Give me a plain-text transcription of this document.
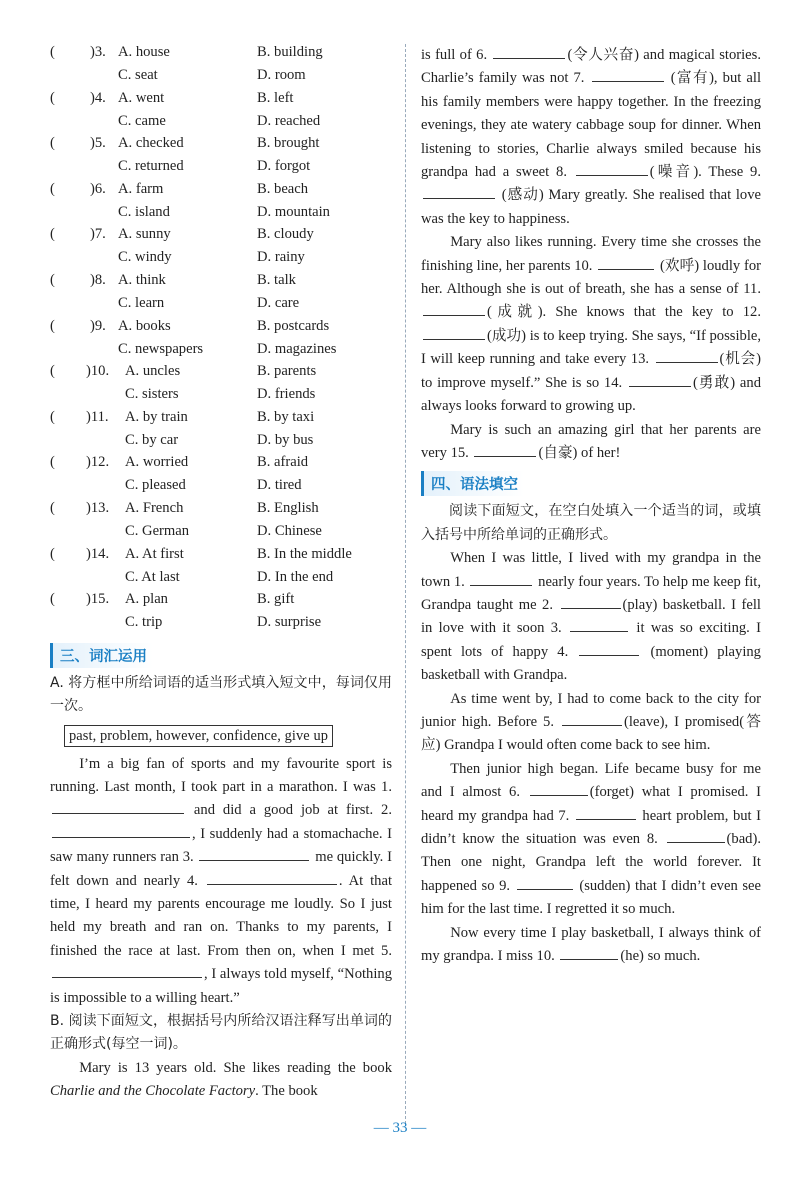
( )3. A. house	B. building
C. seat	D. room
( )4. A. went	B. left
C. came	D. reached
( )5. A. checked	B. brought
C. returned	D. forgot
( )6. A. farm	B. beach
C. island	D. mountain
( )7. A. sunny	B. cloudy
C. windy	D. rainy
( )8. A. think	B. talk
C. learn	D. care
( )9. A. books	B. postcards
C. newspapers	D. magazines
( )10. A. uncles	B. parents
C. sisters	D. friends
( )11. A. by train	B. by taxi
C. by car	D. by bus
( )12. A. worried	B. afraid
C. pleased	D. tired
( )13. A. French	B. English
C. German	D. Chinese
( )14. A. At first	B. In the middle
C. At last	D. In the end
( )15. A. plan	B. gift
C. trip	D. surprise
三、词汇运用

A. 将方框中所给词语的适当形式填入短文中，每词仅用一次。

past, problem, however, confidence, give up

I’m a big fan of sports and my favourite sport is running. Last month, I took part in a marathon. I was 1.  and did a good job at first. 2. , I suddenly had a stomachache. I saw many runners ran 3.	me quickly. I felt down and nearly 4.	. At that time, I heard my parents encourage me loudly. So I just held my breath and ran on. Thanks to my parents, I finished the race at last. From then on, when I met 5. , I always told myself, “Nothing is impossible to a willing heart.”

B. 阅读下面短文，根据括号内所给汉语注释写出单词的正确形式(每空一词)。

Mary is 13 years old. She likes reading the book Charlie and the Chocolate Factory. The book

is full of 6.	(令人兴奋) and magical stories. Charlie’s family was not 7.	(富有), but all his family members were happy together. In the freezing evenings, they ate watery cabbage soup for dinner. When listening to stories, Charlie always smiled because his grandpa had a sweet 8.	(噪音). These 9.  (感动) Mary greatly. She realised that love was the key to happiness.

Mary also likes running. Every time she crosses the finishing line, her parents 10.	(欢呼) loudly for her. Although she is out of breath, she has a sense of 11. (成就). She knows that the key to 12. (成功) is to keep trying. She says, “If possible, I will keep running and take every 13.	(机会) to improve myself.” She is so 14.	(勇敢) and always looks forward to growing up.

Mary is such an amazing girl that her parents are very 15.	(自豪) of her!

四、语法填空

阅读下面短文，在空白处填入一个适当的词，或填入括号中所给单词的正确形式。

When I was little, I lived with my grandpa in the town 1.	nearly four years. To help me keep fit, Grandpa taught me 2.	(play) basketball. I fell in love with it soon 3.	it was so exciting. I spent lots of happy 4.	(moment) playing basketball with Grandpa.

As time went by, I had to come back to the city for junior high. Before 5.	(leave), I promised(答应) Grandpa I would often come back to see him.

Then junior high began. Life became busy for me and I almost 6.	(forget) what I promised. I heard my grandpa had 7.	heart problem, but I didn’t know the situation was even 8.	(bad). Then one night, Grandpa left the world forever. It happened so 9.	(sudden) that I didn’t even see him for the last time. I regretted it so much.

Now every time I play basketball, I always think of my grandpa. I miss 10.	(he) so much.

— 33 —
